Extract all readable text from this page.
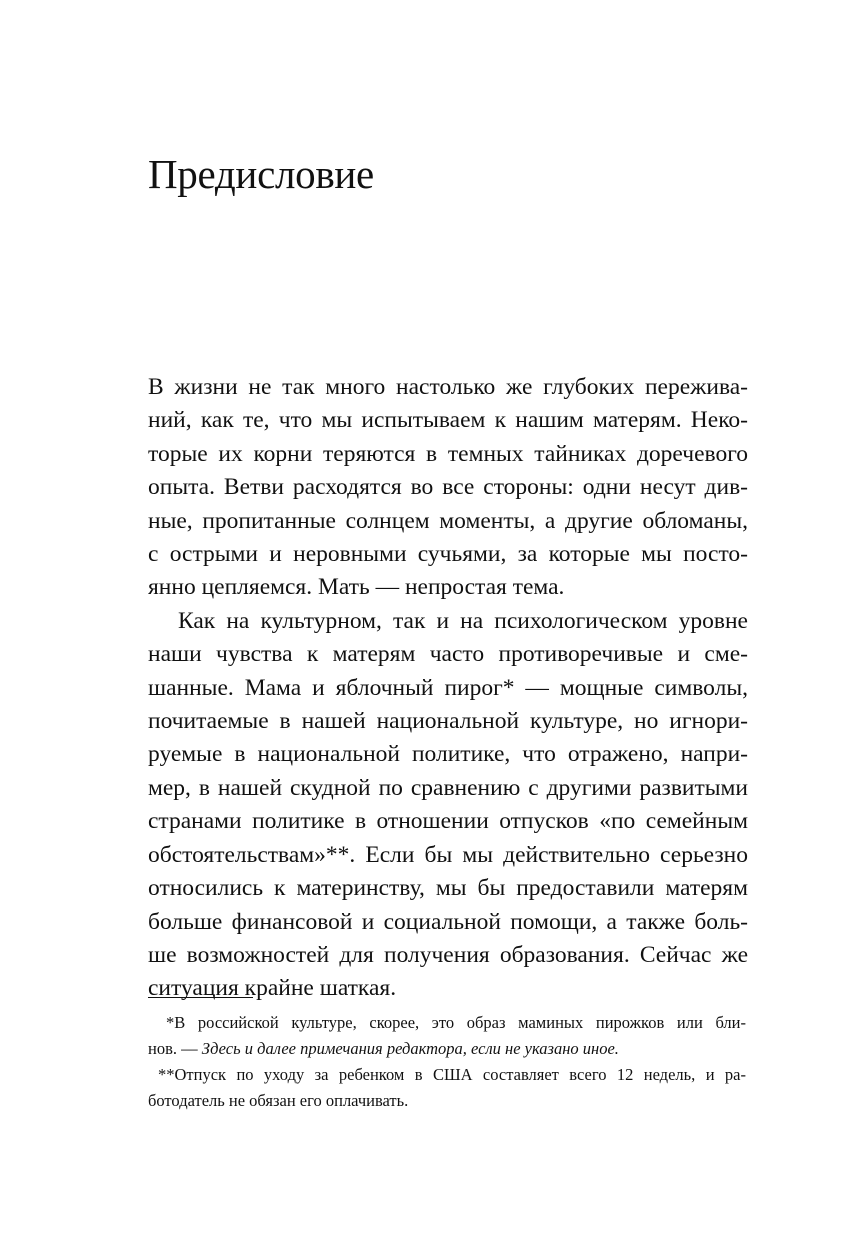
Предисловие
В жизни не так много настолько же глубоких пережива-
ний, как те, что мы испытываем к нашим матерям. Неко-
торые их корни теряются в темных тайниках доречевого
опыта. Ветви расходятся во все стороны: одни несут див-
ные, пропитанные солнцем моменты, а другие обломаны,
с острыми и неровными сучьями, за которые мы посто-
янно цепляемся. Мать — непростая тема.
Как на культурном, так и на психологическом уровне
наши чувства к матерям часто противоречивые и сме-
шанные. Мама и яблочный пирог* — мощные символы,
почитаемые в нашей национальной культуре, но игнори-
руемые в национальной политике, что отражено, напри-
мер, в нашей скудной по сравнению с другими развитыми
странами политике в отношении отпусков «по семейным
обстоятельствам»**. Если бы мы действительно серьезно
относились к материнству, мы бы предоставили матерям
больше финансовой и социальной помощи, а также боль-
ше возможностей для получения образования. Сейчас же
ситуация крайне шаткая.
*В российской культуре, скорее, это образ маминых пирожков или бли-
нов. — Здесь и далее примечания редактора, если не указано иное.
**Отпуск по уходу за ребенком в США составляет всего 12 недель, и ра-
ботодатель не обязан его оплачивать.
